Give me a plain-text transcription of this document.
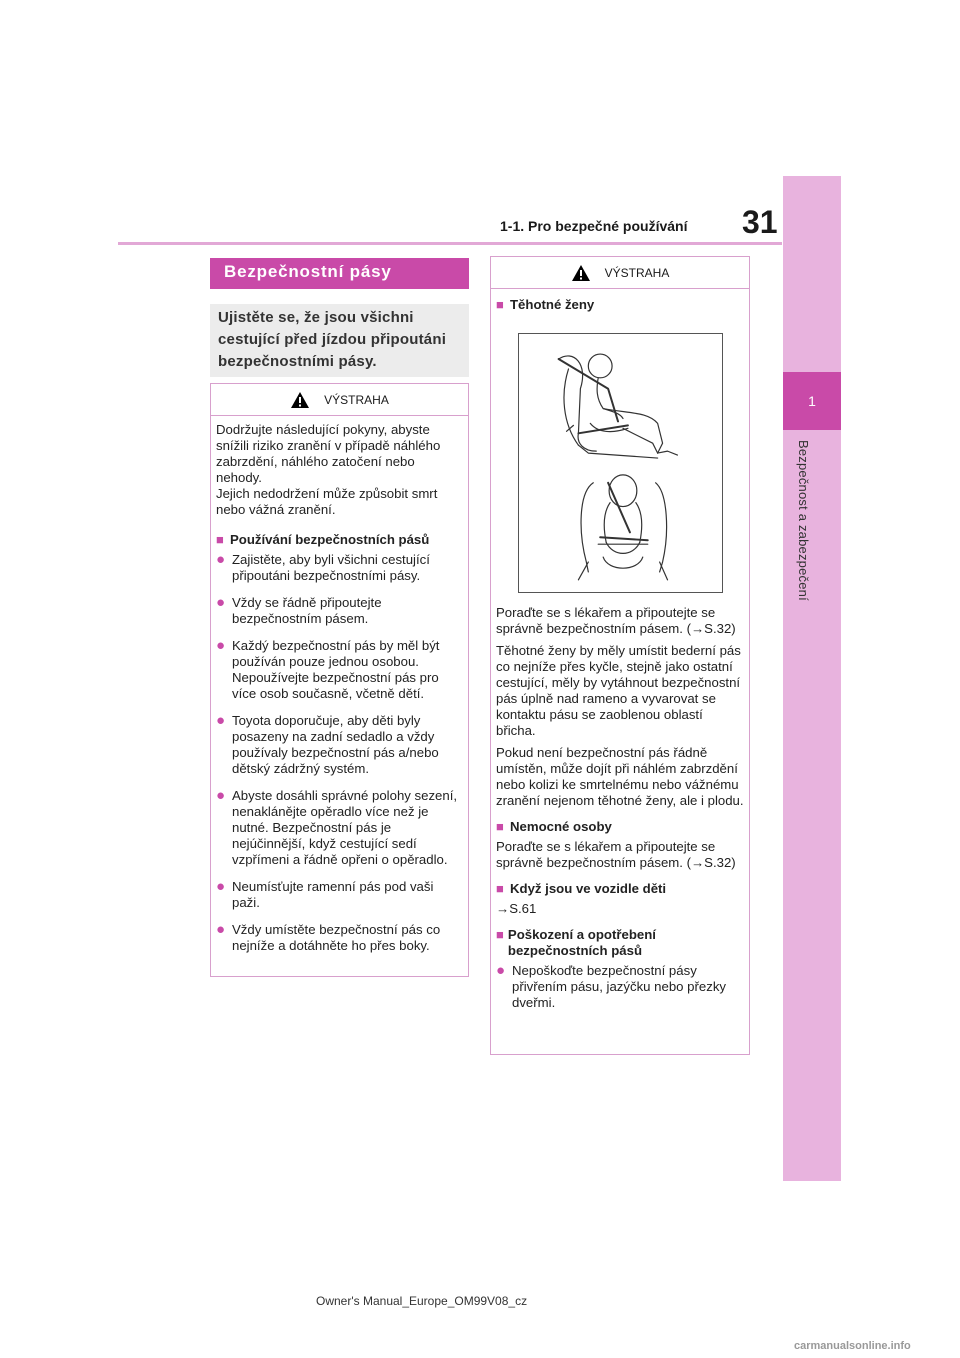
31
1-1. Pro bezpečné používání
1
Bezpečnost a zabezpečení
Bezpečnostní pásy
Ujistěte se, že jsou všichni cestující před jízdou připoutáni bezpečnostními pásy.
VÝSTRAHA

Dodržujte následující pokyny, abyste snížili riziko zranění v případě náhlého zabrzdění, náhlého zatočení nebo nehody.

Jejich nedodržení může způsobit smrt nebo vážná zranění.

■ Používání bezpečnostních pásů
● Zajistěte, aby byli všichni cestující připoutáni bezpečnostními pásy.
● Vždy se řádně připoutejte bezpečnostním pásem.
● Každý bezpečnostní pás by měl být používán pouze jednou osobou. Nepoužívejte bezpečnostní pás pro více osob současně, včetně dětí.
● Toyota doporučuje, aby děti byly posazeny na zadní sedadlo a vždy používaly bezpečnostní pás a/nebo dětský zádržný systém.
● Abyste dosáhli správné polohy sezení, nenaklánějte opěradlo více než je nutné. Bezpečnostní pás je nejúčinnější, když cestující sedí vzpřímeni a řádně opřeni o opěradlo.
● Neumísťujte ramenní pás pod vaši paži.
● Vždy umístěte bezpečnostní pás co nejníže a dotáhněte ho přes boky.
VÝSTRAHA
■ Těhotné ženy

Poraďte se s lékařem a připoutejte se správně bezpečnostním pásem. (→S.32)

Těhotné ženy by měly umístit bederní pás co nejníže přes kyčle, stejně jako ostatní cestující, měly by vytáhnout bezpečnostní pás úplně nad rameno a vyvarovat se kontaktu pásu se zaoblenou oblastí břicha.

Pokud není bezpečnostní pás řádně umístěn, může dojít při náhlém zabrzdění nebo kolizi ke smrtelnému nebo vážnému zranění nejenom těhotné ženy, ale i plodu.

■ Nemocné osoby

Poraďte se s lékařem a připoutejte se správně bezpečnostním pásem. (→S.32)

■ Když jsou ve vozidle děti

→S.61

■ Poškození a opotřebení bezpečnostních pásů
● Nepoškoďte bezpečnostní pásy přivřením pásu, jazýčku nebo přezky dveřmi.
Owner's Manual_Europe_OM99V08_cz
carmanualsonline.info
